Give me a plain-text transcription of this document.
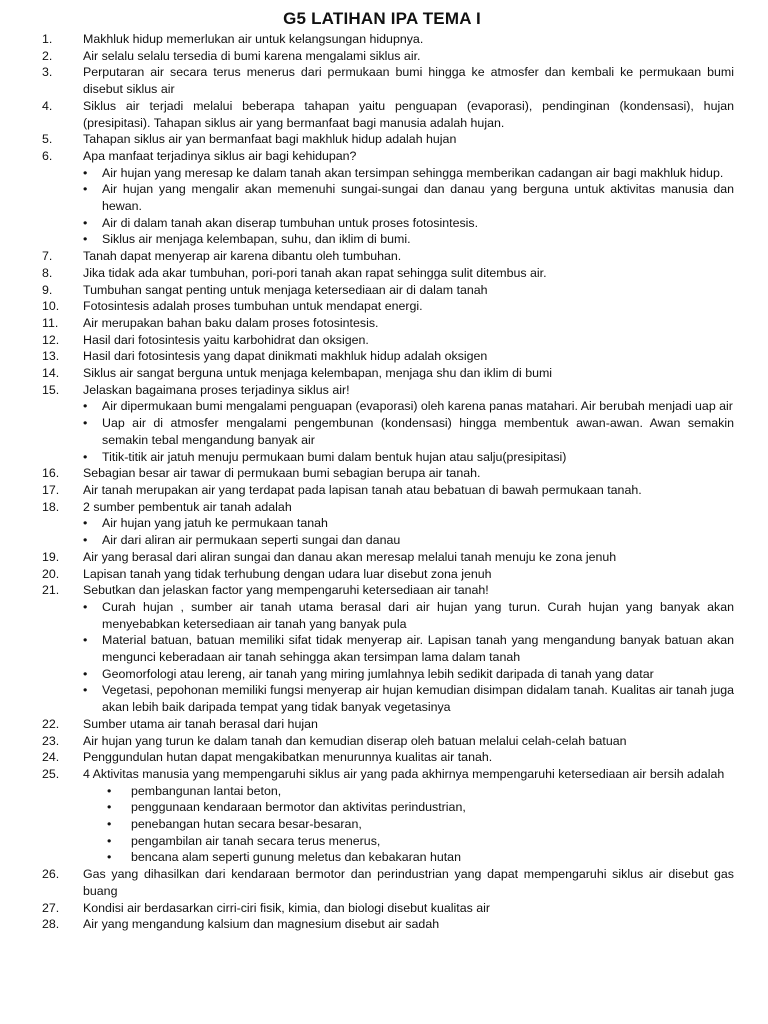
G5 LATIHAN IPA TEMA I
1.	Makhluk hidup memerlukan air untuk kelangsungan hidupnya.
2.	Air selalu selalu tersedia di bumi karena mengalami siklus air.
3.	Perputaran air secara terus menerus dari permukaan bumi hingga ke atmosfer dan kembali ke permukaan bumi disebut siklus air
4.	Siklus air terjadi melalui beberapa tahapan yaitu penguapan (evaporasi), pendinginan (kondensasi), hujan (presipitasi). Tahapan siklus air yang bermanfaat bagi manusia adalah hujan.
5.	Tahapan siklus air yan bermanfaat bagi makhluk hidup adalah hujan
6.	Apa manfaat terjadinya siklus air bagi kehidupan?
•	Air hujan yang meresap ke dalam tanah akan tersimpan sehingga memberikan cadangan air bagi makhluk hidup.
•	Air hujan yang mengalir akan memenuhi sungai-sungai dan danau yang berguna untuk aktivitas manusia dan hewan.
•	Air di dalam tanah akan diserap tumbuhan untuk proses fotosintesis.
•	Siklus air menjaga kelembapan, suhu, dan iklim di bumi.
7.	Tanah dapat menyerap air karena dibantu oleh tumbuhan.
8.	Jika tidak ada akar tumbuhan, pori-pori tanah akan rapat sehingga sulit ditembus air.
9.	Tumbuhan sangat penting untuk menjaga ketersediaan air di dalam tanah
10.	Fotosintesis adalah proses tumbuhan untuk mendapat energi.
11.	Air merupakan bahan baku dalam proses fotosintesis.
12.	Hasil dari fotosintesis yaitu karbohidrat dan oksigen.
13.	Hasil dari fotosintesis yang dapat dinikmati makhluk hidup adalah oksigen
14.	Siklus air sangat berguna untuk menjaga kelembapan, menjaga shu dan iklim di bumi
15.	Jelaskan bagaimana proses terjadinya siklus air!
•	Air dipermukaan bumi mengalami penguapan (evaporasi) oleh karena panas matahari. Air berubah menjadi uap air
•	Uap air di atmosfer mengalami pengembunan (kondensasi) hingga membentuk awan-awan. Awan semakin semakin tebal mengandung banyak air
•	Titik-titik air jatuh menuju permukaan bumi dalam bentuk hujan atau salju(presipitasi)
16.	Sebagian besar air tawar di permukaan bumi sebagian berupa air tanah.
17.	Air tanah merupakan air yang terdapat pada lapisan tanah atau bebatuan di bawah permukaan tanah.
18.	2 sumber pembentuk air tanah adalah
•	Air hujan yang jatuh ke permukaan tanah
•	Air dari aliran air permukaan seperti sungai dan danau
19.	Air yang berasal dari aliran sungai dan danau akan meresap melalui tanah menuju ke zona jenuh
20.	Lapisan tanah yang tidak terhubung dengan udara luar disebut zona jenuh
21.	Sebutkan dan jelaskan factor yang mempengaruhi ketersediaan air tanah!
•	Curah hujan , sumber air tanah utama berasal dari air hujan yang turun. Curah hujan yang banyak akan menyebabkan ketersediaan air tanah yang banyak pula
•	Material batuan, batuan memiliki sifat tidak menyerap air. Lapisan tanah yang mengandung banyak batuan akan mengunci keberadaan air tanah sehingga akan tersimpan lama dalam tanah
•	Geomorfologi atau lereng, air tanah yang miring jumlahnya lebih sedikit daripada di tanah yang datar
•	Vegetasi, pepohonan memiliki fungsi menyerap air hujan kemudian disimpan didalam tanah. Kualitas air tanah juga akan lebih baik daripada tempat yang tidak banyak vegetasinya
22.	Sumber utama air tanah berasal dari hujan
23.	Air hujan yang turun ke dalam tanah dan kemudian diserap oleh batuan melalui celah-celah batuan
24.	Penggundulan hutan dapat mengakibatkan menurunnya kualitas air tanah.
25.	4 Aktivitas manusia yang mempengaruhi siklus air yang pada akhirnya mempengaruhi ketersediaan air bersih adalah
•	pembangunan lantai beton,
•	penggunaan kendaraan bermotor dan aktivitas perindustrian,
•	penebangan hutan secara besar-besaran,
•	pengambilan air tanah secara terus menerus,
•	bencana alam seperti gunung meletus dan kebakaran hutan
26.	Gas yang dihasilkan dari kendaraan bermotor dan perindustrian yang dapat mempengaruhi siklus air disebut gas buang
27.	Kondisi air berdasarkan cirri-ciri fisik, kimia, dan biologi disebut kualitas air
28.	Air yang mengandung kalsium dan magnesium disebut air sadah
